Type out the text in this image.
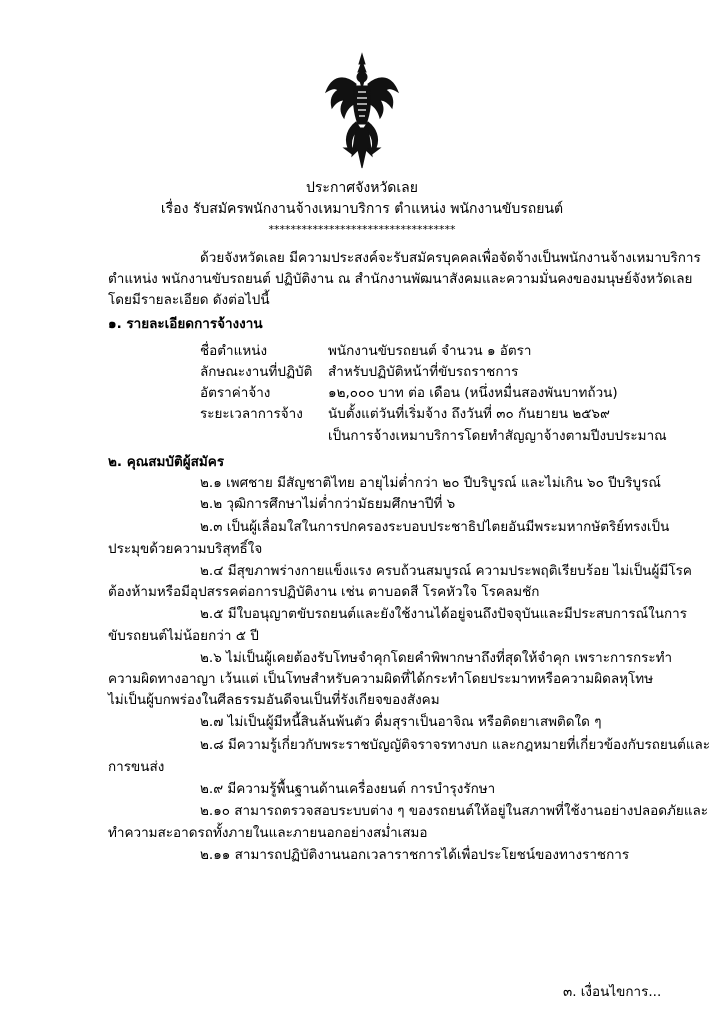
ประกาศจังหวัดเลย
เรื่อง รับสมัครพนักงานจ้างเหมาบริการ ตำแหน่ง พนักงานขับรถยนต์
**********************************
ด้วยจังหวัดเลย มีความประสงค์จะรับสมัครบุคคลเพื่อจัดจ้างเป็นพนักงานจ้างเหมาบริการ
ตำแหน่ง พนักงานขับรถยนต์ ปฏิบัติงาน ณ สำนักงานพัฒนาสังคมและความมั่นคงของมนุษย์จังหวัดเลย
โดยมีรายละเอียด ดังต่อไปนี้
๑. รายละเอียดการจ้างงาน
ชื่อตำแหน่ง	พนักงานขับรถยนต์ จำนวน ๑ อัตรา
ลักษณะงานที่ปฏิบัติ สำหรับปฏิบัติหน้าที่ขับรถราชการ
อัตราค่าจ้าง	๑๒,๐๐๐ บาท ต่อ เดือน (หนึ่งหมื่นสองพันบาทถ้วน)
ระยะเวลาการจ้าง นับตั้งแต่วันที่เริ่มจ้าง ถึงวันที่ ๓๐ กันยายน ๒๕๖๙
เป็นการจ้างเหมาบริการโดยทำสัญญาจ้างตามปีงบประมาณ
๒. คุณสมบัติผู้สมัคร
๒.๑ เพศชาย มีสัญชาติไทย อายุไม่ต่ำกว่า ๒๐ ปีบริบูรณ์ และไม่เกิน ๖๐ ปีบริบูรณ์
๒.๒ วุฒิการศึกษาไม่ต่ำกว่ามัธยมศึกษาปีที่ ๖
๒.๓ เป็นผู้เลื่อมใสในการปกครองระบอบประชาธิปไตยอันมีพระมหากษัตริย์ทรงเป็น
ประมุขด้วยความบริสุทธิ์ใจ
๒.๔ มีสุขภาพร่างกายแข็งแรง ครบถ้วนสมบูรณ์ ความประพฤติเรียบร้อย ไม่เป็นผู้มีโรค
ต้องห้ามหรือมีอุปสรรคต่อการปฏิบัติงาน เช่น ตาบอดสี โรคหัวใจ โรคลมชัก
๒.๕ มีใบอนุญาตขับรถยนต์และยังใช้งานได้อยู่จนถึงปัจจุบันและมีประสบการณ์ในการ
ขับรถยนต์ไม่น้อยกว่า ๕ ปี
๒.๖ ไม่เป็นผู้เคยต้องรับโทษจำคุกโดยคำพิพากษาถึงที่สุดให้จำคุก เพราะการกระทำ
ความผิดทางอาญา เว้นแต่ เป็นโทษสำหรับความผิดที่ได้กระทำโดยประมาทหรือความผิดลหุโทษ
ไม่เป็นผู้บกพร่องในศีลธรรมอันดีจนเป็นที่รังเกียจของสังคม
๒.๗ ไม่เป็นผู้มีหนี้สินล้นพ้นตัว ดื่มสุราเป็นอาจิณ หรือติดยาเสพติดใด ๆ
๒.๘ มีความรู้เกี่ยวกับพระราชบัญญัติจราจรทางบก และกฎหมายที่เกี่ยวข้องกับรถยนต์และ
การขนส่ง
๒.๙ มีความรู้พื้นฐานด้านเครื่องยนต์ การบำรุงรักษา
๒.๑๐ สามารถตรวจสอบระบบต่าง ๆ ของรถยนต์ให้อยู่ในสภาพที่ใช้งานอย่างปลอดภัยและ
ทำความสะอาดรถทั้งภายในและภายนอกอย่างสม่ำเสมอ
๒.๑๑ สามารถปฏิบัติงานนอกเวลาราชการได้เพื่อประโยชน์ของทางราชการ
๓. เงื่อนไขการ...
